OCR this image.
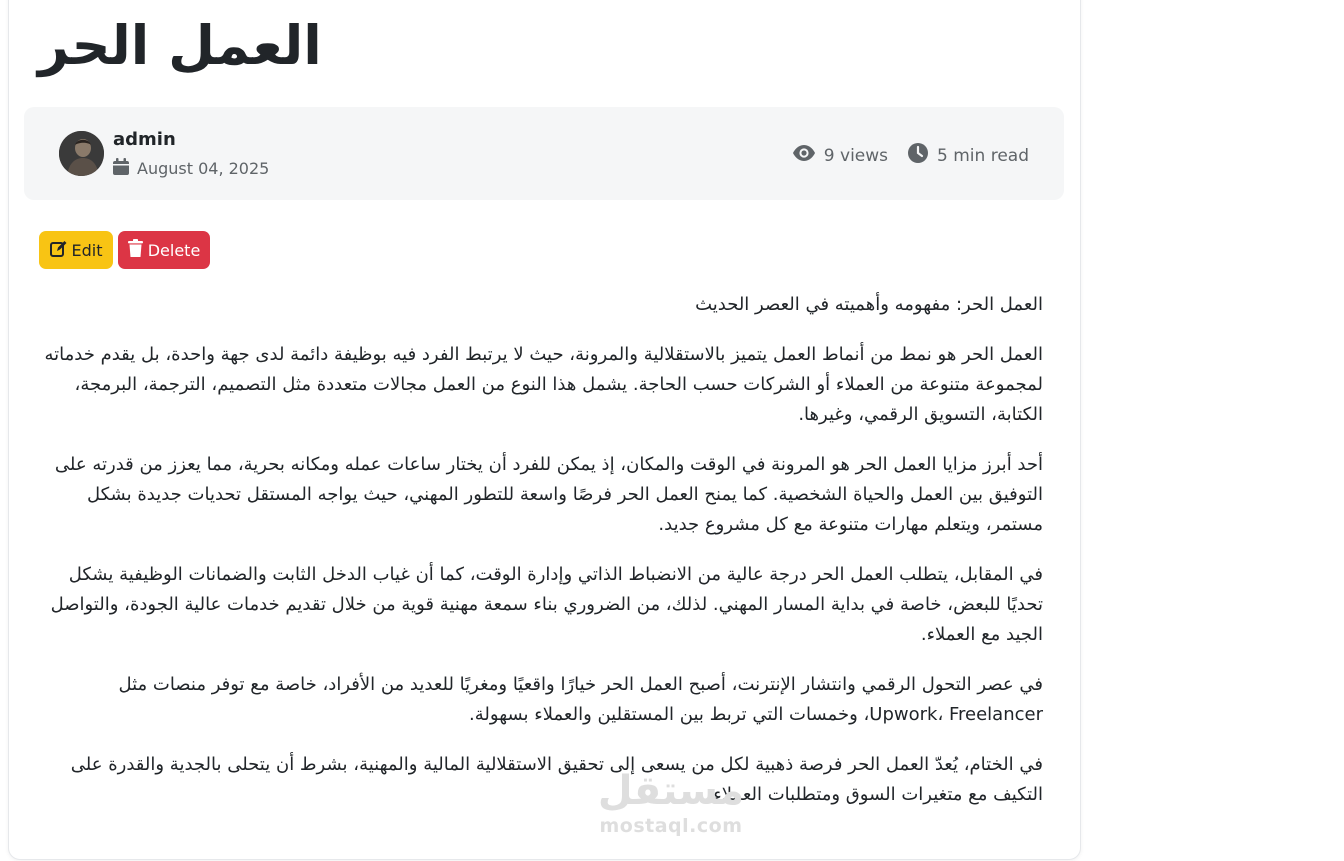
العمل الحر
admin
August 04, 2025
9 views	5 min read
Edit	Delete

العمل الحر: مفهومه وأهميته في العصر الحديث

العمل الحر هو نمط من أنماط العمل يتميز بالاستقلالية والمرونة، حيث لا يرتبط الفرد فيه بوظيفة دائمة لدى جهة واحدة، بل يقدم خدماته لمجموعة متنوعة من العملاء أو الشركات حسب الحاجة. يشمل هذا النوع من العمل مجالات متعددة مثل التصميم، الترجمة، البرمجة، الكتابة، التسويق الرقمي، وغيرها.

أحد أبرز مزايا العمل الحر هو المرونة في الوقت والمكان، إذ يمكن للفرد أن يختار ساعات عمله ومكانه بحرية، مما يعزز من قدرته على التوفيق بين العمل والحياة الشخصية. كما يمنح العمل الحر فرصًا واسعة للتطور المهني، حيث يواجه المستقل تحديات جديدة بشكل مستمر، ويتعلم مهارات متنوعة مع كل مشروع جديد.

في المقابل، يتطلب العمل الحر درجة عالية من الانضباط الذاتي وإدارة الوقت، كما أن غياب الدخل الثابت والضمانات الوظيفية يشكل تحديًا للبعض، خاصة في بداية المسار المهني. لذلك، من الضروري بناء سمعة مهنية قوية من خلال تقديم خدمات عالية الجودة، والتواصل الجيد مع العملاء.

في عصر التحول الرقمي وانتشار الإنترنت، أصبح العمل الحر خيارًا واقعيًا ومغريًا للعديد من الأفراد، خاصة مع توفر منصات مثل Upwork، Freelancer، وخمسات التي تربط بين المستقلين والعملاء بسهولة.

في الختام، يُعدّ العمل الحر فرصة ذهبية لكل من يسعى إلى تحقيق الاستقلالية المالية والمهنية، بشرط أن يتحلى بالجدية والقدرة على التكيف مع متغيرات السوق ومتطلبات العملاء.

مستقل
mostaql.com
